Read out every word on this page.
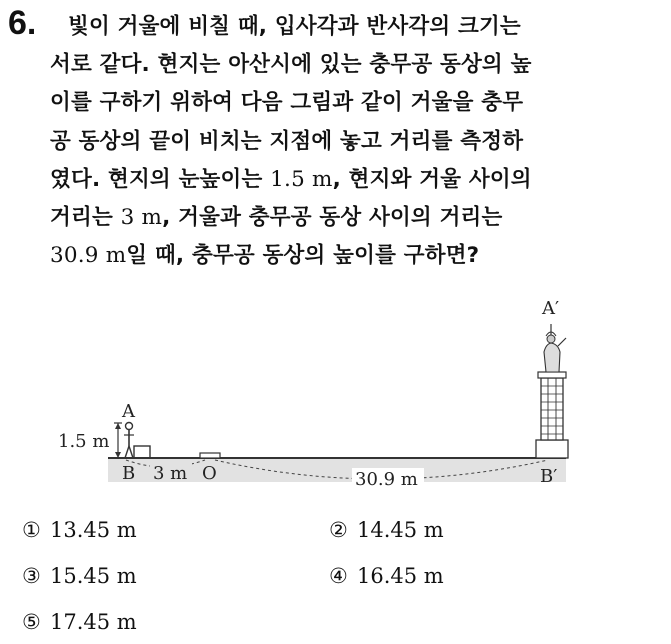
6.	빛이 거울에 비칠 때, 입사각과 반사각의 크기는
서로 같다. 현지는 아산시에 있는 충무공 동상의 높
이를 구하기 위하여 다음 그림과 같이 거울을 충무
공 동상의 끝이 비치는 지점에 놓고 거리를 측정하
였다. 현지의 눈높이는 1.5 m, 현지와 거울 사이의
거리는 3 m, 거울과 충무공 동상 사이의 거리는
30.9 m일 때, 충무공 동상의 높이를 구하면?
1.5 m
A
B 3 m O	30.9 m	B′
A′
① 13.45 m	② 14.45 m
③ 15.45 m	④ 16.45 m
⑤ 17.45 m
